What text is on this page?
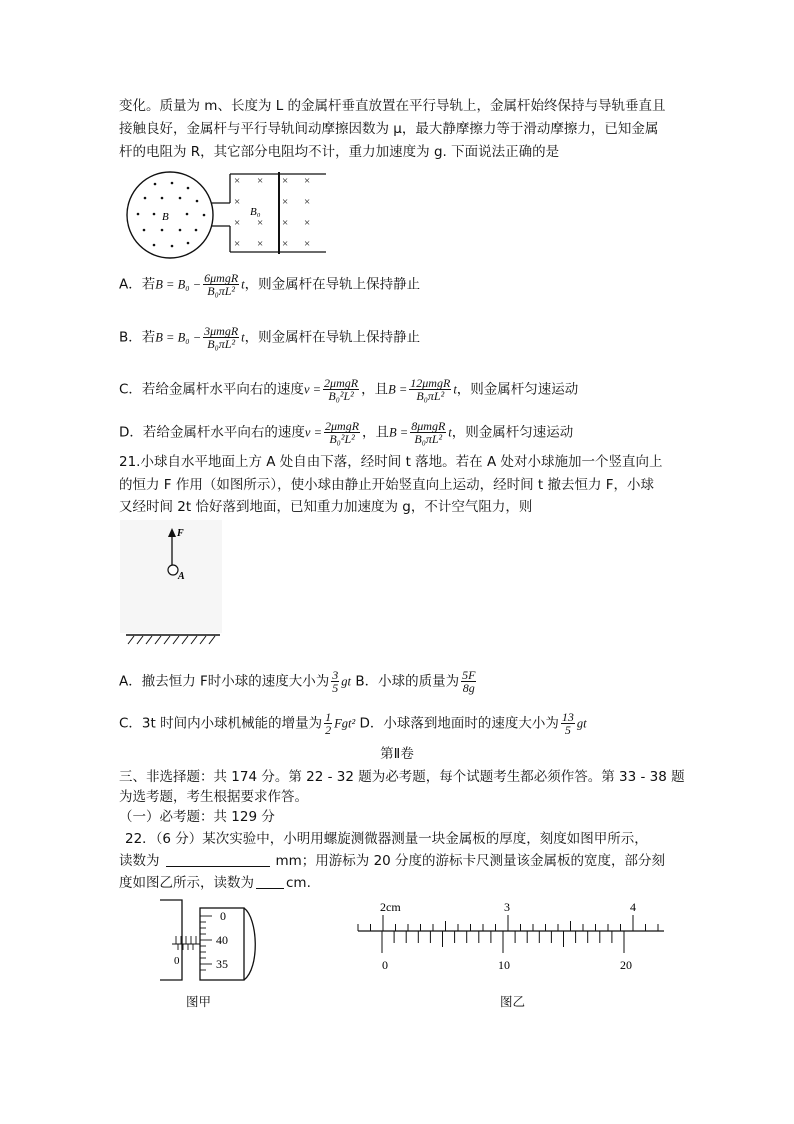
变化。质量为 m、长度为 L 的金属杆垂直放置在平行导轨上，金属杆始终保持与导轨垂直且
接触良好，金属杆与平行导轨间动摩擦因数为 μ，最大静摩擦力等于滑动摩擦力，已知金属
杆的电阻为 R，其它部分电阻均不计，重力加速度为 g. 下面说法正确的是
B
× × × ×
×	× ×
× × × ×
× × × ×
B₀
A．若$B = B_0 - \frac{\text{6μmgR}}{\text{B₀πL²}}$ t，则金属杆在导轨上保持静止
B．若$B = B_0 - \frac{\text{3μmgR}}{\text{B₀πL²}}$ t，则金属杆在导轨上保持静止
C．若给金属杆水平向右的速度$v = \frac{\text{2μmgR}}{\text{B₀²L²}}$ ，且$B = \frac{\text{12μmgR}}{\text{B₀πL²}}$ t，则金属杆匀速运动
D．若给金属杆水平向右的速度$v = \frac{\text{2μmgR}}{\text{B₀²L²}}$ ，且$B = \frac{\text{8μmgR}}{\text{B₀πL²}}$ t，则金属杆匀速运动
21.小球自水平地面上方 A 处自由下落，经时间 t 落地。若在 A 处对小球施加一个竖直向上
的恒力 F 作用（如图所示），使小球由静止开始竖直向上运动，经时间 t 撤去恒力 F，小球
又经时间 2t 恰好落到地面，已知重力加速度为 g，不计空气阻力，则
F
A
A．撤去恒力 F时小球的速度大小为 $\frac{3}{5}$ gt B．小球的质量为 $\frac{5F}{8g}$
C．3t 时间内小球机械能的增量为 $\frac{1}{2} Fgt^2$ D．小球落到地面时的速度大小为 $\frac{13}{5}$ gt
第Ⅱ卷
三、非选择题：共 174 分。第 22 - 32 题为必考题，每个试题考生都必须作答。第 33 - 38 题
为选考题，考生根据要求作答。
（一）必考题：共 129 分
22．（6 分）某次实验中，小明用螺旋测微器测量一块金属板的厚度，刻度如图甲所示，
读数为	mm；用游标为 20 分度的游标卡尺测量该金属板的宽度，部分刻
度如图乙所示，读数为 cm.
0
0
40
35
图甲
2cm	3	4
0	10	20
图乙
